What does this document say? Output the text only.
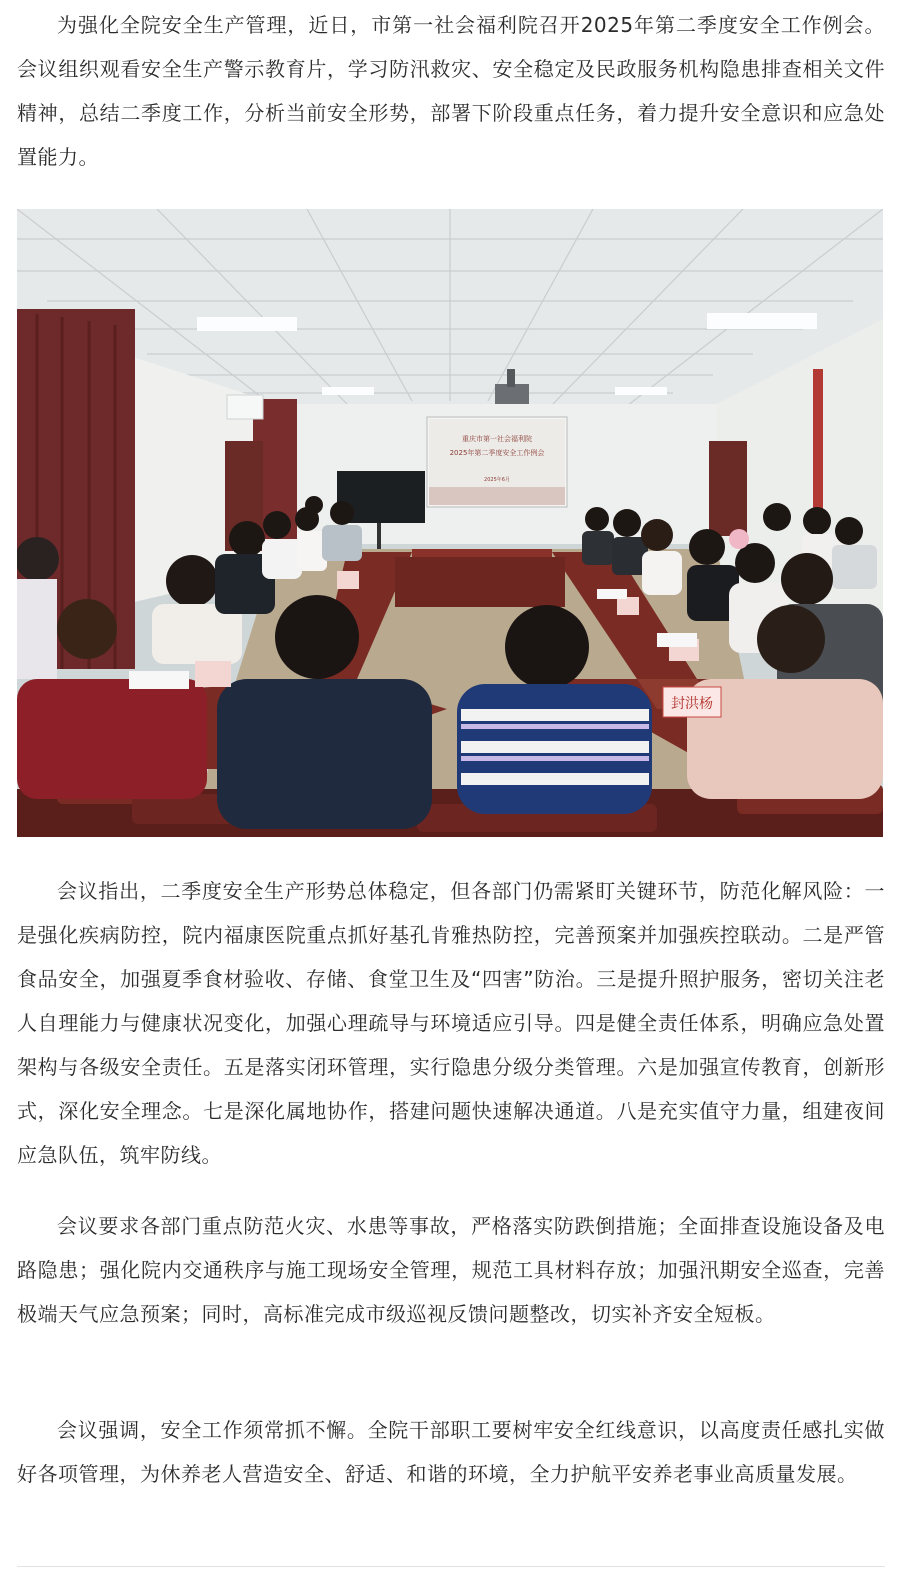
为强化全院安全生产管理，近日，市第一社会福利院召开2025年第二季度安全工作例会。会议组织观看安全生产警示教育片，学习防汛救灾、安全稳定及民政服务机构隐患排查相关文件精神，总结二季度工作，分析当前安全形势，部署下阶段重点任务，着力提升安全意识和应急处置能力。

重庆市第一社会福利院
2025年第二季度安全工作例会
2025年6月
封洪杨

会议指出，二季度安全生产形势总体稳定，但各部门仍需紧盯关键环节，防范化解风险：一是强化疾病防控，院内福康医院重点抓好基孔肯雅热防控，完善预案并加强疾控联动。二是严管食品安全，加强夏季食材验收、存储、食堂卫生及“四害”防治。三是提升照护服务，密切关注老人自理能力与健康状况变化，加强心理疏导与环境适应引导。四是健全责任体系，明确应急处置架构与各级安全责任。五是落实闭环管理，实行隐患分级分类管理。六是加强宣传教育，创新形式，深化安全理念。七是深化属地协作，搭建问题快速解决通道。八是充实值守力量，组建夜间应急队伍，筑牢防线。

会议要求各部门重点防范火灾、水患等事故，严格落实防跌倒措施；全面排查设施设备及电路隐患；强化院内交通秩序与施工现场安全管理，规范工具材料存放；加强汛期安全巡查，完善极端天气应急预案；同时，高标准完成市级巡视反馈问题整改，切实补齐安全短板。

会议强调，安全工作须常抓不懈。全院干部职工要树牢安全红线意识，以高度责任感扎实做好各项管理，为休养老人营造安全、舒适、和谐的环境，全力护航平安养老事业高质量发展。
